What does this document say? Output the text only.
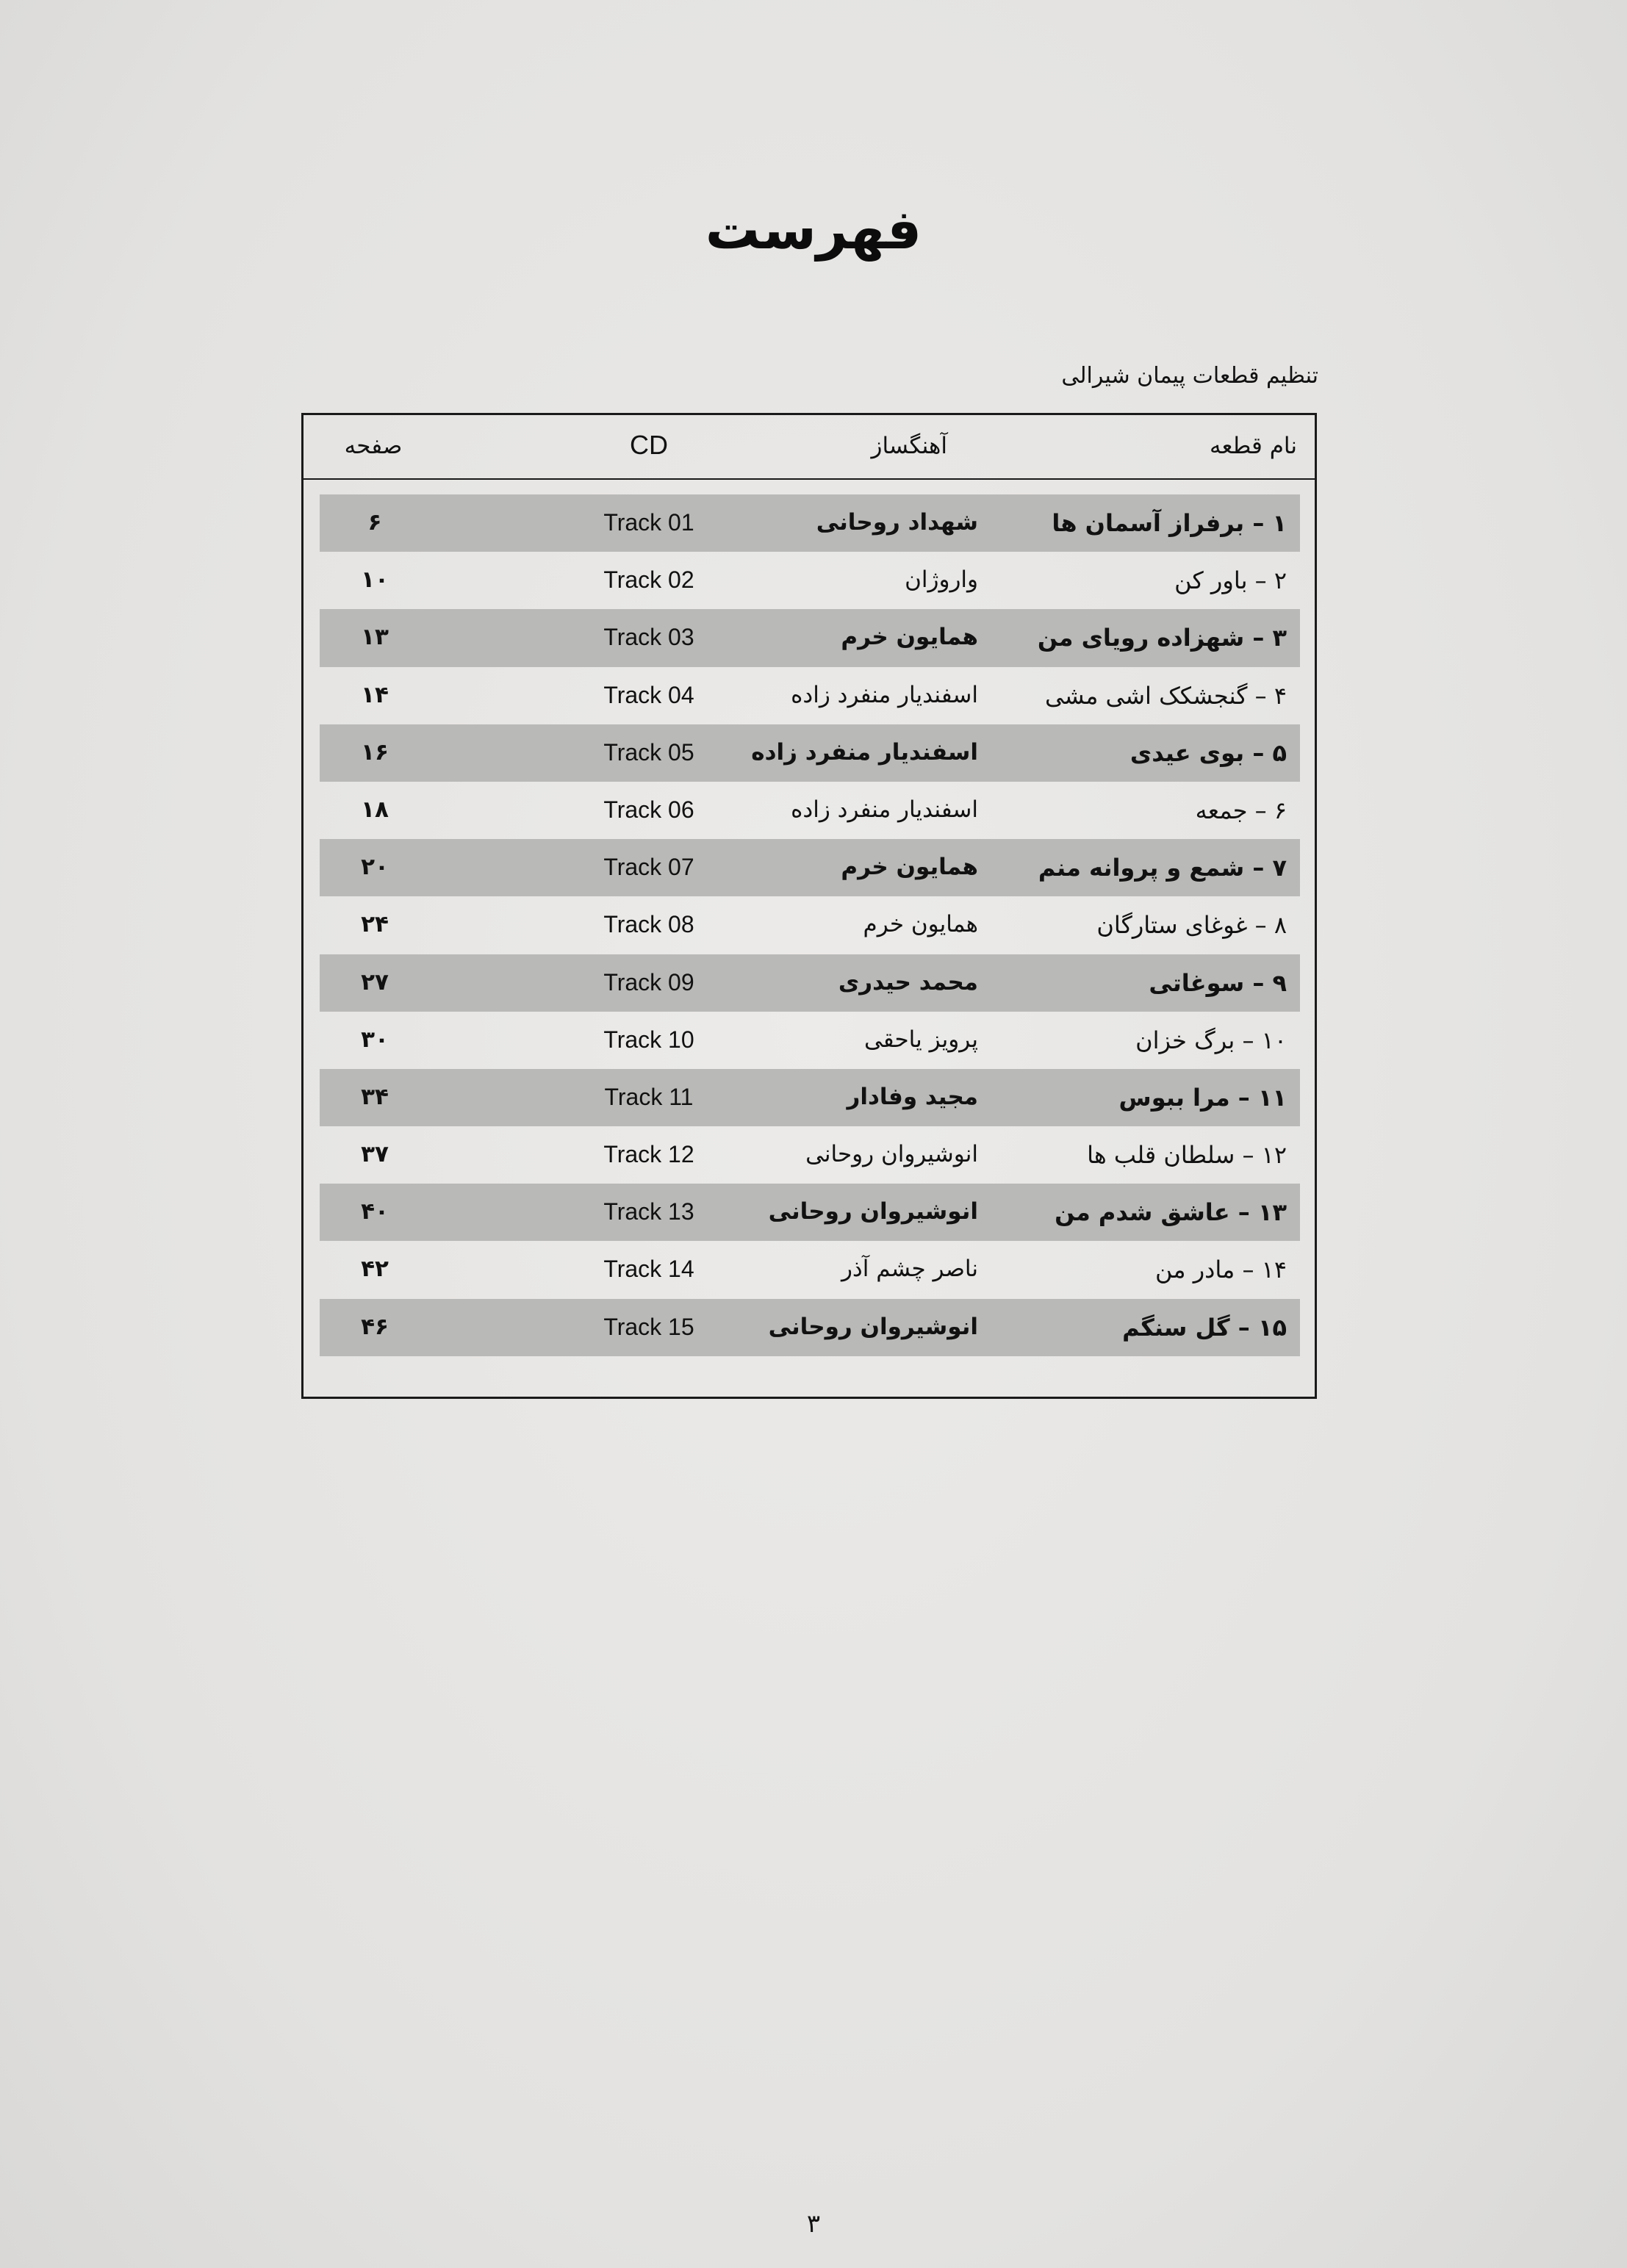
فهرست
تنظیم قطعات پیمان شیرالی
نام قطعه
آهنگساز
CD
صفحه
۱ – برفراز آسمان ها
شهداد روحانی
Track 01
۶
۲ – باور کن
واروژان
Track 02
۱۰
۳ – شهزاده رویای من
همایون خرم
Track 03
۱۳
۴ – گنجشکک اشی مشی
اسفندیار منفرد زاده
Track 04
۱۴
۵ – بوی عیدی
اسفندیار منفرد زاده
Track 05
۱۶
۶ – جمعه
اسفندیار منفرد زاده
Track 06
۱۸
۷ – شمع و پروانه منم
همایون خرم
Track 07
۲۰
۸ – غوغای ستارگان
همایون خرم
Track 08
۲۴
۹ – سوغاتی
محمد حیدری
Track 09
۲۷
۱۰ – برگ خزان
پرویز یاحقی
Track 10
۳۰
۱۱ – مرا ببوس
مجید وفادار
Track 11
۳۴
۱۲ – سلطان قلب ها
انوشیروان روحانی
Track 12
۳۷
۱۳ – عاشق شدم من
انوشیروان روحانی
Track 13
۴۰
۱۴ – مادر من
ناصر چشم آذر
Track 14
۴۲
۱۵ – گل سنگم
انوشیروان روحانی
Track 15
۴۶
۳
